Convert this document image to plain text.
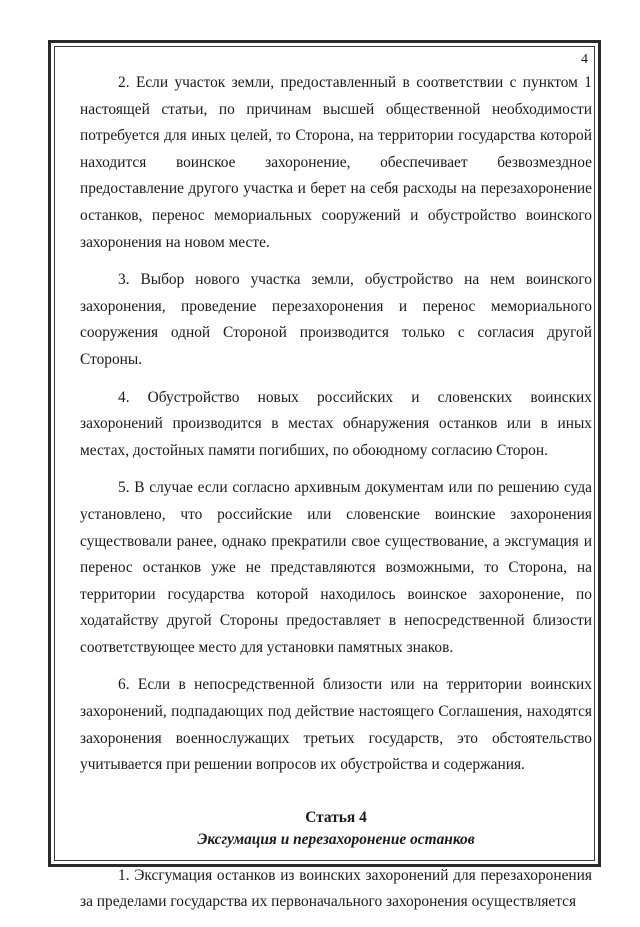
4

2. Если участок земли, предоставленный в соответствии с пунктом 1 настоящей статьи, по причинам высшей общественной необходимости потребуется для иных целей, то Сторона, на территории государства которой находится воинское захоронение, обеспечивает безвозмездное предоставление другого участка и берет на себя расходы на перезахоронение останков, перенос мемориальных сооружений и обустройство воинского захоронения на новом месте.

3. Выбор нового участка земли, обустройство на нем воинского захоронения, проведение перезахоронения и перенос мемориального сооружения одной Стороной производится только с согласия другой Стороны.

4. Обустройство новых российских и словенских воинских захоронений производится в местах обнаружения останков или в иных местах, достойных памяти погибших, по обоюдному согласию Сторон.

5. В случае если согласно архивным документам или по решению суда установлено, что российские или словенские воинские захоронения существовали ранее, однако прекратили свое существование, а эксгумация и перенос останков уже не представляются возможными, то Сторона, на территории государства которой находилось воинское захоронение, по ходатайству другой Стороны предоставляет в непосредственной близости соответствующее место для установки памятных знаков.

6. Если в непосредственной близости или на территории воинских захоронений, подпадающих под действие настоящего Соглашения, находятся захоронения военнослужащих третьих государств, это обстоятельство учитывается при решении вопросов их обустройства и содержания.

Статья 4
Эксгумация и перезахоронение останков

1. Эксгумация останков из воинских захоронений для перезахоронения за пределами государства их первоначального захоронения осуществляется
